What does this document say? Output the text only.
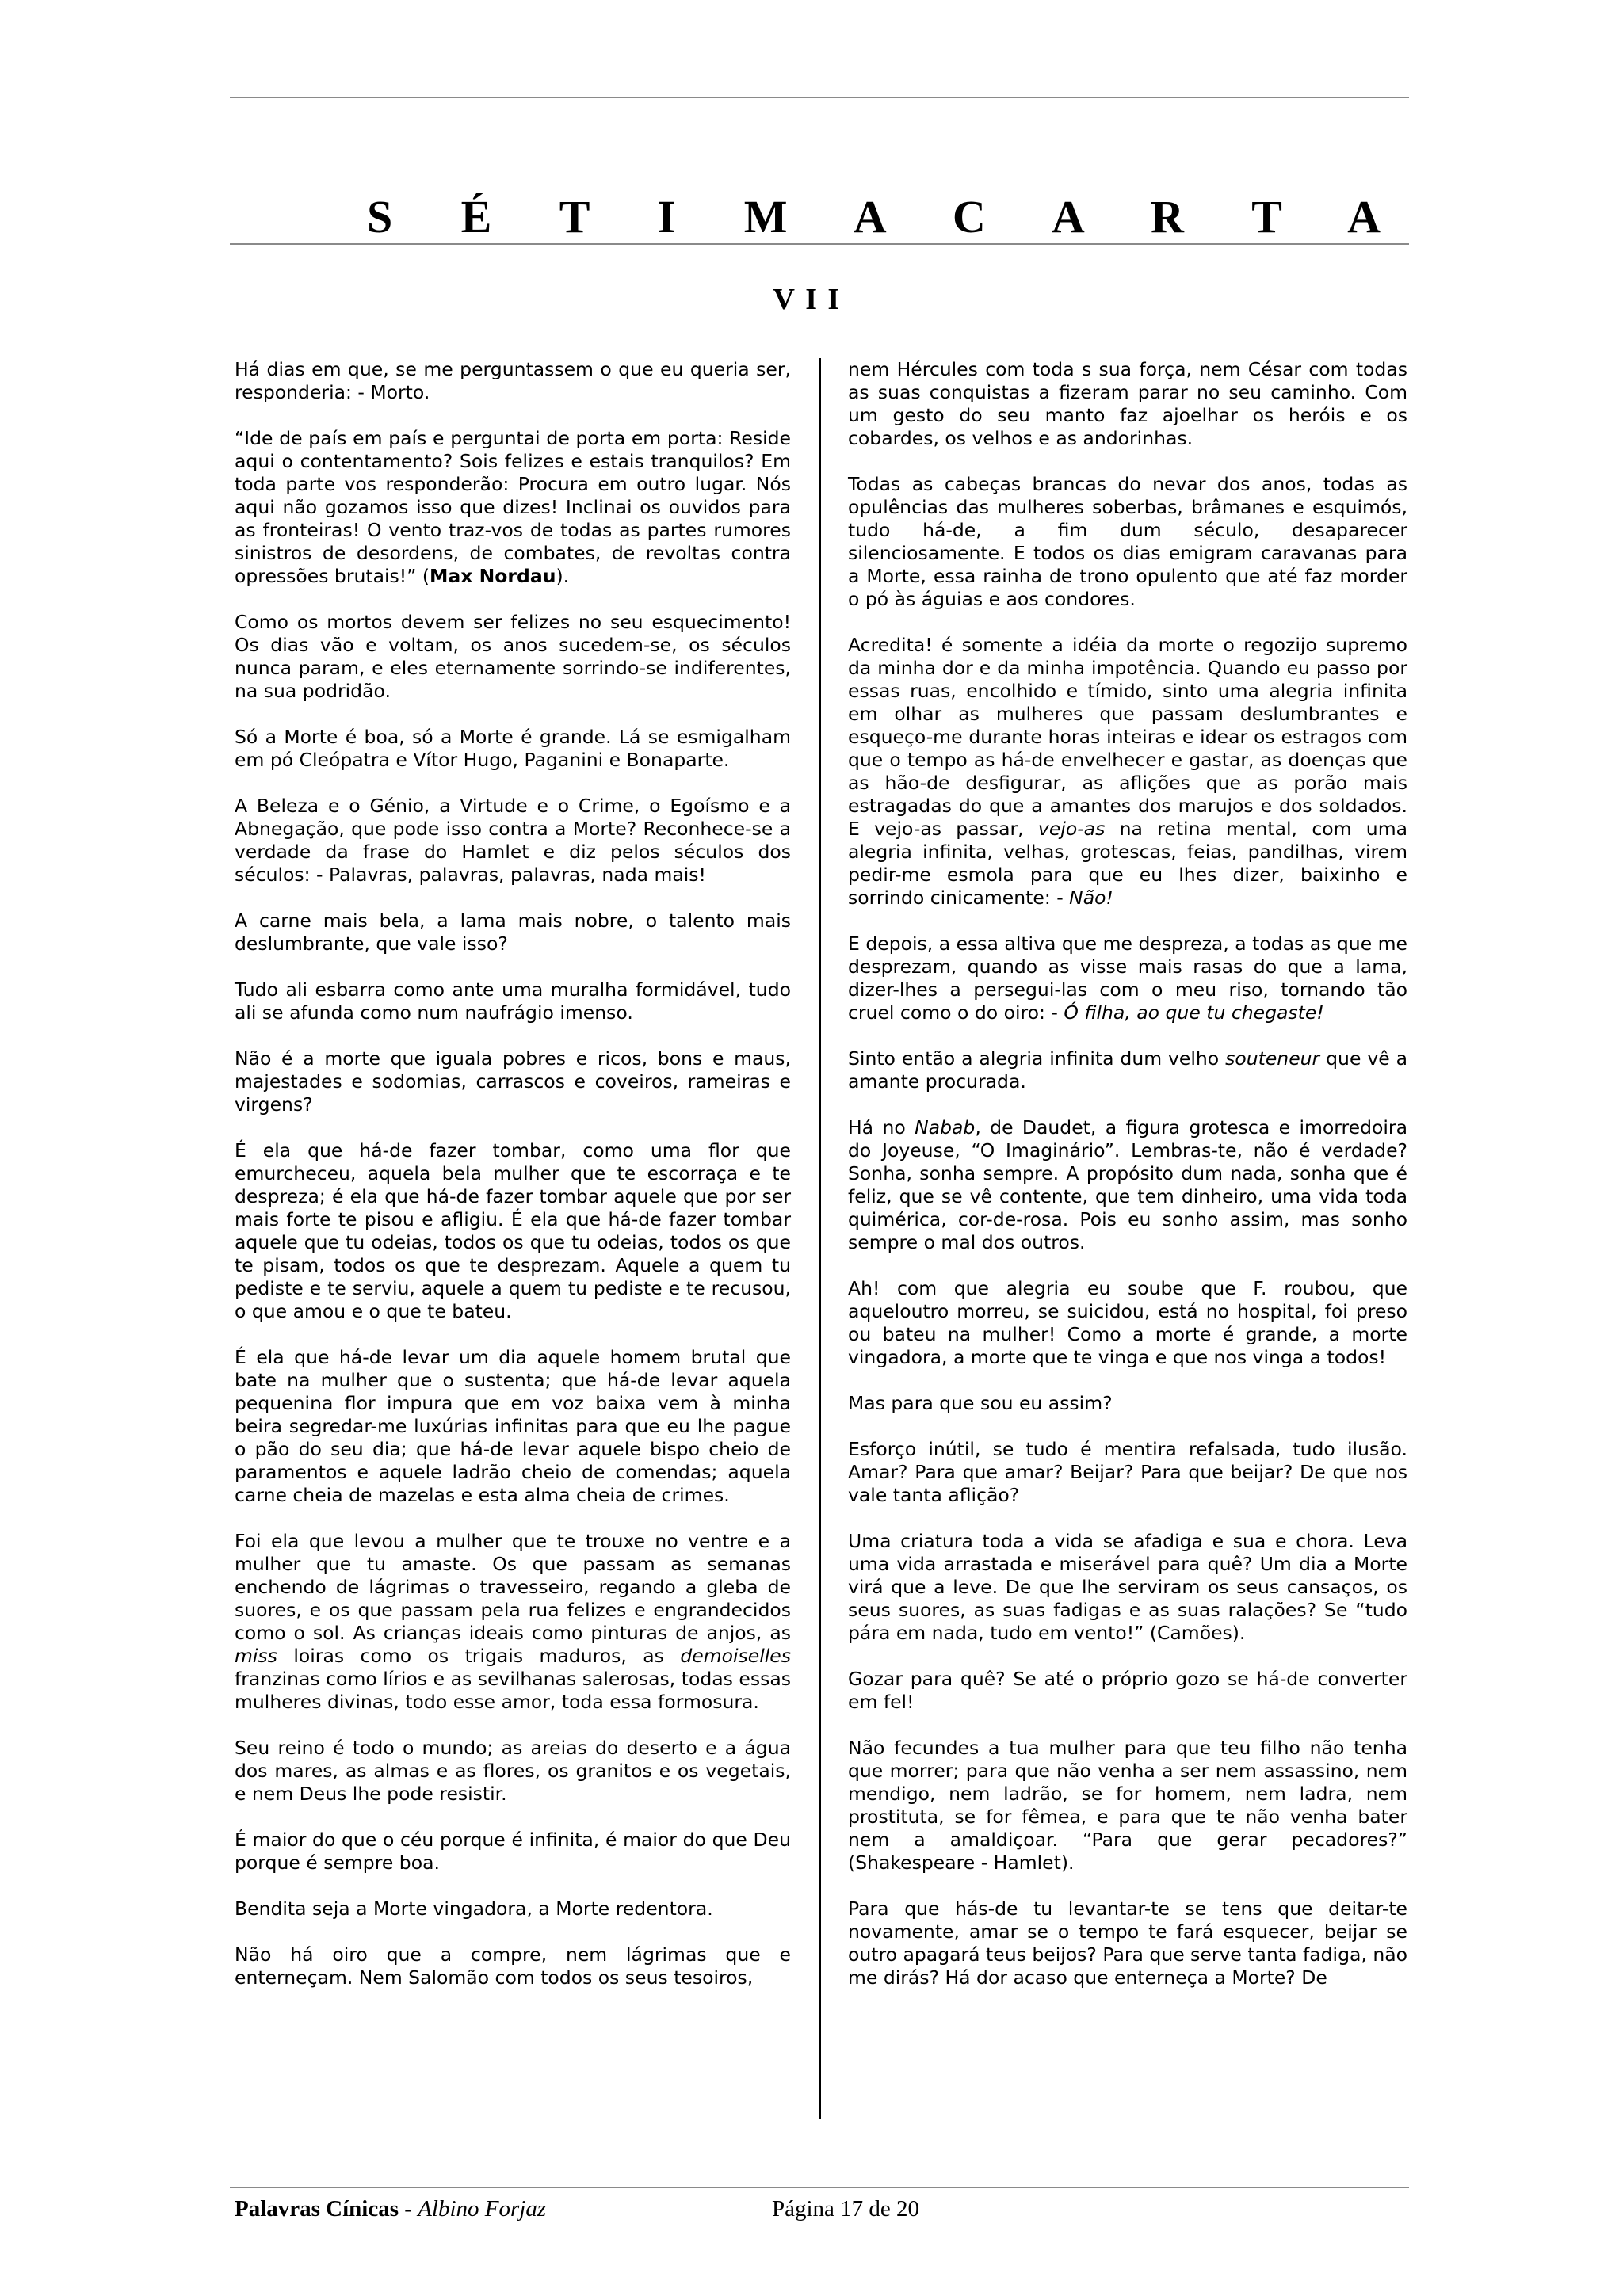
S É T I M A C A R T A
VII

Há dias em que, se me perguntassem o que eu queria ser, responderia: - Morto.

“Ide de país em país e perguntai de porta em porta: Reside aqui o contentamento? Sois felizes e estais tranquilos? Em toda parte vos responderão: Procura em outro lugar. Nós aqui não gozamos isso que dizes! Inclinai os ouvidos para as fronteiras! O vento traz-vos de todas as partes rumores sinistros de desordens, de combates, de revoltas contra opressões brutais!” (Max Nordau).

Como os mortos devem ser felizes no seu esquecimento! Os dias vão e voltam, os anos sucedem-se, os séculos nunca param, e eles eternamente sorrindo-se indiferentes, na sua podridão.

Só a Morte é boa, só a Morte é grande. Lá se esmigalham em pó Cleópatra e Vítor Hugo, Paganini e Bonaparte.

A Beleza e o Génio, a Virtude e o Crime, o Egoísmo e a Abnegação, que pode isso contra a Morte? Reconhece-se a verdade da frase do Hamlet e diz pelos séculos dos séculos: - Palavras, palavras, palavras, nada mais!

A carne mais bela, a lama mais nobre, o talento mais deslumbrante, que vale isso?

Tudo ali esbarra como ante uma muralha formidável, tudo ali se afunda como num naufrágio imenso.

Não é a morte que iguala pobres e ricos, bons e maus, majestades e sodomias, carrascos e coveiros, rameiras e virgens?

É ela que há-de fazer tombar, como uma flor que emurcheceu, aquela bela mulher que te escorraça e te despreza; é ela que há-de fazer tombar aquele que por ser mais forte te pisou e afligiu. É ela que há-de fazer tombar aquele que tu odeias, todos os que tu odeias, todos os que te pisam, todos os que te desprezam. Aquele a quem tu pediste e te serviu, aquele a quem tu pediste e te recusou, o que amou e o que te bateu.

É ela que há-de levar um dia aquele homem brutal que bate na mulher que o sustenta; que há-de levar aquela pequenina flor impura que em voz baixa vem à minha beira segredar-me luxúrias infinitas para que eu lhe pague o pão do seu dia; que há-de levar aquele bispo cheio de paramentos e aquele ladrão cheio de comendas; aquela carne cheia de mazelas e esta alma cheia de crimes.

Foi ela que levou a mulher que te trouxe no ventre e a mulher que tu amaste. Os que passam as semanas enchendo de lágrimas o travesseiro, regando a gleba de suores, e os que passam pela rua felizes e engrandecidos como o sol. As crianças ideais como pinturas de anjos, as miss loiras como os trigais maduros, as demoiselles franzinas como lírios e as sevilhanas salerosas, todas essas mulheres divinas, todo esse amor, toda essa formosura.

Seu reino é todo o mundo; as areias do deserto e a água dos mares, as almas e as flores, os granitos e os vegetais, e nem Deus lhe pode resistir.

É maior do que o céu porque é infinita, é maior do que Deu porque é sempre boa.

Bendita seja a Morte vingadora, a Morte redentora.

Não há oiro que a compre, nem lágrimas que e enterneçam. Nem Salomão com todos os seus tesoiros,

nem Hércules com toda s sua força, nem César com todas as suas conquistas a fizeram parar no seu caminho. Com um gesto do seu manto faz ajoelhar os heróis e os cobardes, os velhos e as andorinhas.

Todas as cabeças brancas do nevar dos anos, todas as opulências das mulheres soberbas, brâmanes e esquimós, tudo há-de, a fim dum século, desaparecer silenciosamente. E todos os dias emigram caravanas para a Morte, essa rainha de trono opulento que até faz morder o pó às águias e aos condores.

Acredita! é somente a idéia da morte o regozijo supremo da minha dor e da minha impotência. Quando eu passo por essas ruas, encolhido e tímido, sinto uma alegria infinita em olhar as mulheres que passam deslumbrantes e esqueço-me durante horas inteiras e idear os estragos com que o tempo as há-de envelhecer e gastar, as doenças que as hão-de desfigurar, as aflições que as porão mais estragadas do que a amantes dos marujos e dos soldados. E vejo-as passar, vejo-as na retina mental, com uma alegria infinita, velhas, grotescas, feias, pandilhas, virem pedir-me esmola para que eu lhes dizer, baixinho e sorrindo cinicamente: - Não!

E depois, a essa altiva que me despreza, a todas as que me desprezam, quando as visse mais rasas do que a lama, dizer-lhes a persegui-las com o meu riso, tornando tão cruel como o do oiro: - Ó filha, ao que tu chegaste!

Sinto então a alegria infinita dum velho souteneur que vê a amante procurada.

Há no Nabab, de Daudet, a figura grotesca e imorredoira do Joyeuse, “O Imaginário”. Lembras-te, não é verdade? Sonha, sonha sempre. A propósito dum nada, sonha que é feliz, que se vê contente, que tem dinheiro, uma vida toda quimérica, cor-de-rosa. Pois eu sonho assim, mas sonho sempre o mal dos outros.

Ah! com que alegria eu soube que F. roubou, que aqueloutro morreu, se suicidou, está no hospital, foi preso ou bateu na mulher! Como a morte é grande, a morte vingadora, a morte que te vinga e que nos vinga a todos!

Mas para que sou eu assim?

Esforço inútil, se tudo é mentira refalsada, tudo ilusão. Amar? Para que amar? Beijar? Para que beijar? De que nos vale tanta aflição?

Uma criatura toda a vida se afadiga e sua e chora. Leva uma vida arrastada e miserável para quê? Um dia a Morte virá que a leve. De que lhe serviram os seus cansaços, os seus suores, as suas fadigas e as suas ralações? Se “tudo pára em nada, tudo em vento!” (Camões).

Gozar para quê? Se até o próprio gozo se há-de converter em fel!

Não fecundes a tua mulher para que teu filho não tenha que morrer; para que não venha a ser nem assassino, nem mendigo, nem ladrão, se for homem, nem ladra, nem prostituta, se for fêmea, e para que te não venha bater nem a amaldiçoar. “Para que gerar pecadores?” (Shakespeare - Hamlet).

Para que hás-de tu levantar-te se tens que deitar-te novamente, amar se o tempo te fará esquecer, beijar se outro apagará teus beijos? Para que serve tanta fadiga, não me dirás? Há dor acaso que enterneça a Morte? De

Palavras Cínicas - Albino Forjaz	Página 17 de 20
